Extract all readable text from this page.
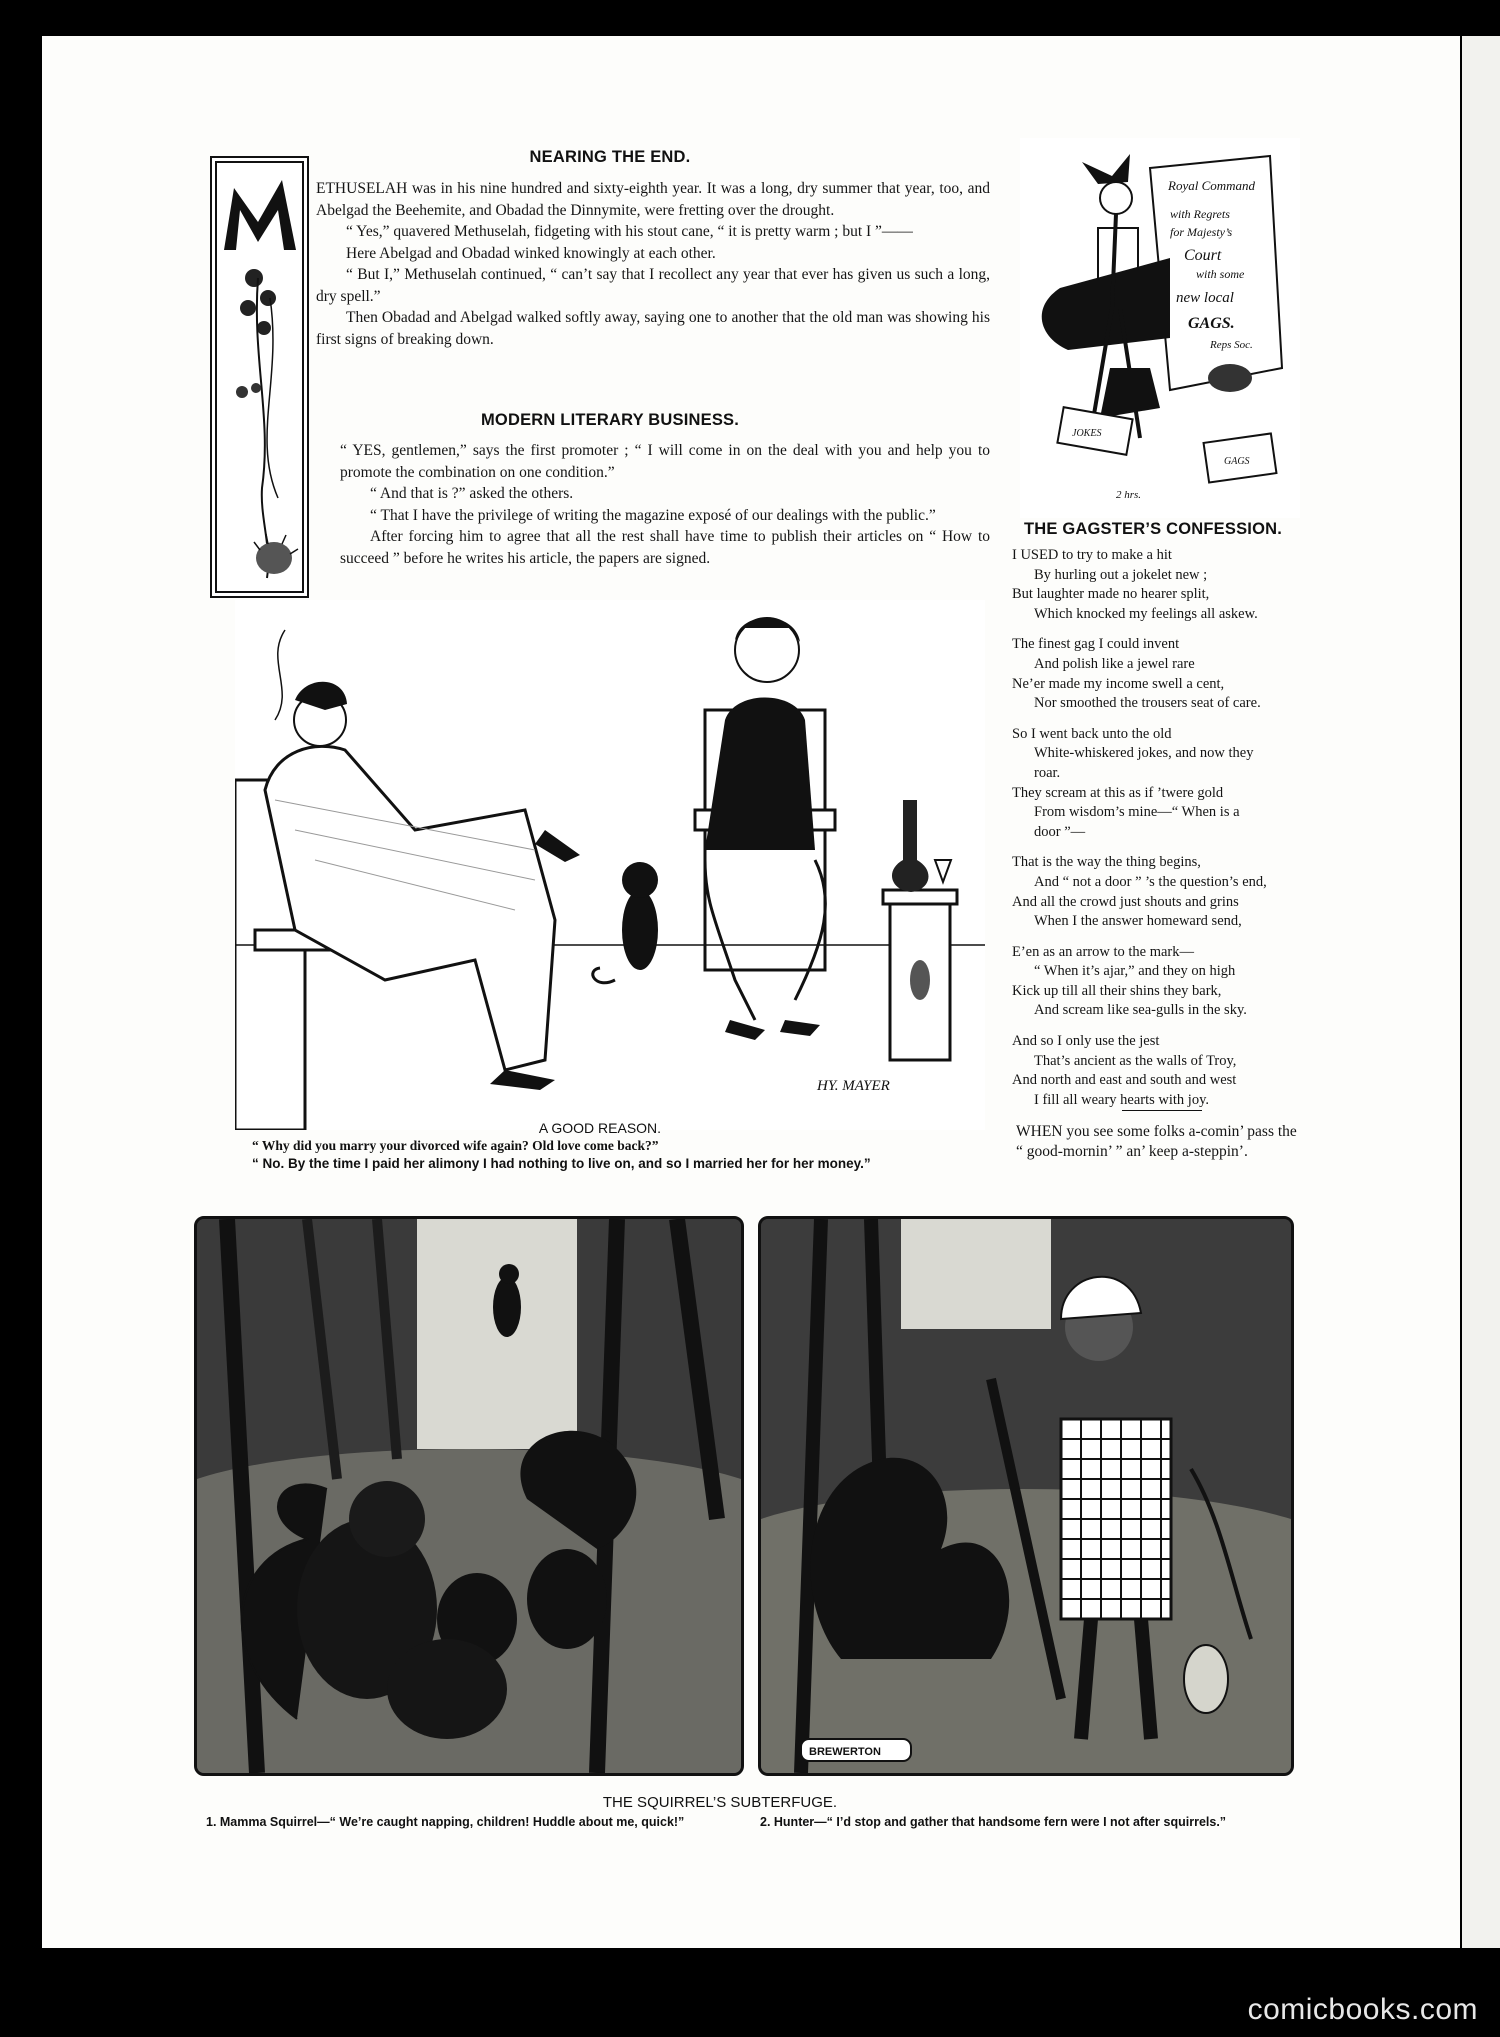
NEARING THE END.

ETHUSELAH was in his nine hundred and sixty-eighth year. It was a long, dry summer that year, too, and Abelgad the Beehemite, and Obadad the Dinnymite, were fretting over the drought.

“ Yes,” quavered Methuselah, fidgeting with his stout cane, “ it is pretty warm ; but I ”——

Here Abelgad and Obadad winked knowingly at each other.

“ But I,” Methuselah continued, “ can’t say that I recollect any year that ever has given us such a long, dry spell.”

Then Obadad and Abelgad walked softly away, saying one to another that the old man was showing his first signs of breaking down.

MODERN LITERARY BUSINESS.

“ YES, gentlemen,” says the first promoter ; “ I will come in on the deal with you and help you to promote the combination on one condition.”

“ And that is ?” asked the others.

“ That I have the privilege of writing the magazine exposé of our dealings with the public.”

After forcing him to agree that all the rest shall have time to publish their articles on “ How to succeed ” before he writes his article, the papers are signed.

Royal Command
with Regrets
for Majesty’s
Court
with some
new local
GAGS.
Reps Soc.
JOKES
GAGS
2 hrs.
THE GAGSTER’S CONFESSION.
I USED to try to make a hit
By hurling out a jokelet new ;
But laughter made no hearer split,
Which knocked my feelings all askew.
The finest gag I could invent
And polish like a jewel rare
Ne’er made my income swell a cent,
Nor smoothed the trousers seat of care.
So I went back unto the old
White-whiskered jokes, and now they
roar.
They scream at this as if ’twere gold
From wisdom’s mine—“ When is a
door ”—
That is the way the thing begins,
And “ not a door ” ’s the question’s end,
And all the crowd just shouts and grins
When I the answer homeward send,
E’en as an arrow to the mark—
“ When it’s ajar,” and they on high
Kick up till all their shins they bark,
And scream like sea-gulls in the sky.
And so I only use the jest
That’s ancient as the walls of Troy,
And north and east and south and west
I fill all weary hearts with joy.
WHEN you see some folks a-comin’ pass the “ good-mornin’ ” an’ keep a-steppin’.
HY. MAYER
A GOOD REASON.
“ Why did you marry your divorced wife again? Old love come back?”
“ No. By the time I paid her alimony I had nothing to live on, and so I married her for her money.”
BREWERTON
THE SQUIRREL’S SUBTERFUGE.
1. Mamma Squirrel—“ We’re caught napping, children! Huddle about me, quick!”	2. Hunter—“ I’d stop and gather that handsome fern were I not after squirrels.”
comicbooks.com
